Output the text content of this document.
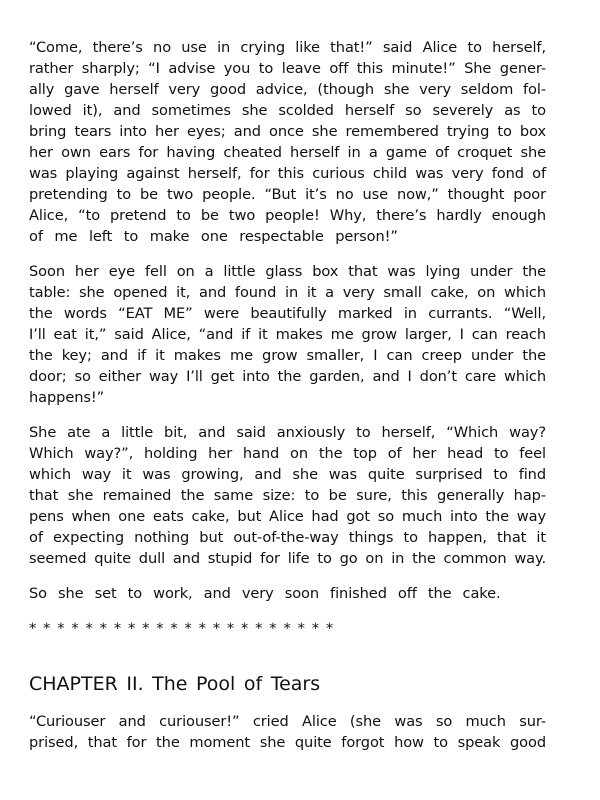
“Come, there’s no use in crying like that!” said Alice to herself,
rather sharply; “I advise you to leave off this minute!” She gener-
ally gave herself very good advice, (though she very seldom fol-
lowed it), and sometimes she scolded herself so severely as to
bring tears into her eyes; and once she remembered trying to box
her own ears for having cheated herself in a game of croquet she
was playing against herself, for this curious child was very fond of
pretending to be two people. “But it’s no use now,” thought poor
Alice, “to pretend to be two people! Why, there’s hardly enough
of me left to make one respectable person!”
Soon her eye fell on a little glass box that was lying under the
table: she opened it, and found in it a very small cake, on which
the words “EAT ME” were beautifully marked in currants. “Well,
I’ll eat it,” said Alice, “and if it makes me grow larger, I can reach
the key; and if it makes me grow smaller, I can creep under the
door; so either way I’ll get into the garden, and I don’t care which
happens!”
She ate a little bit, and said anxiously to herself, “Which way?
Which way?”, holding her hand on the top of her head to feel
which way it was growing, and she was quite surprised to find
that she remained the same size: to be sure, this generally hap-
pens when one eats cake, but Alice had got so much into the way
of expecting nothing but out-of-the-way things to happen, that it
seemed quite dull and stupid for life to go on in the common way.
So she set to work, and very soon finished off the cake.
* * * * * * * * * * * * * * * * * * * * * *
CHAPTER II. The Pool of Tears
“Curiouser and curiouser!” cried Alice (she was so much sur-
prised, that for the moment she quite forgot how to speak good
